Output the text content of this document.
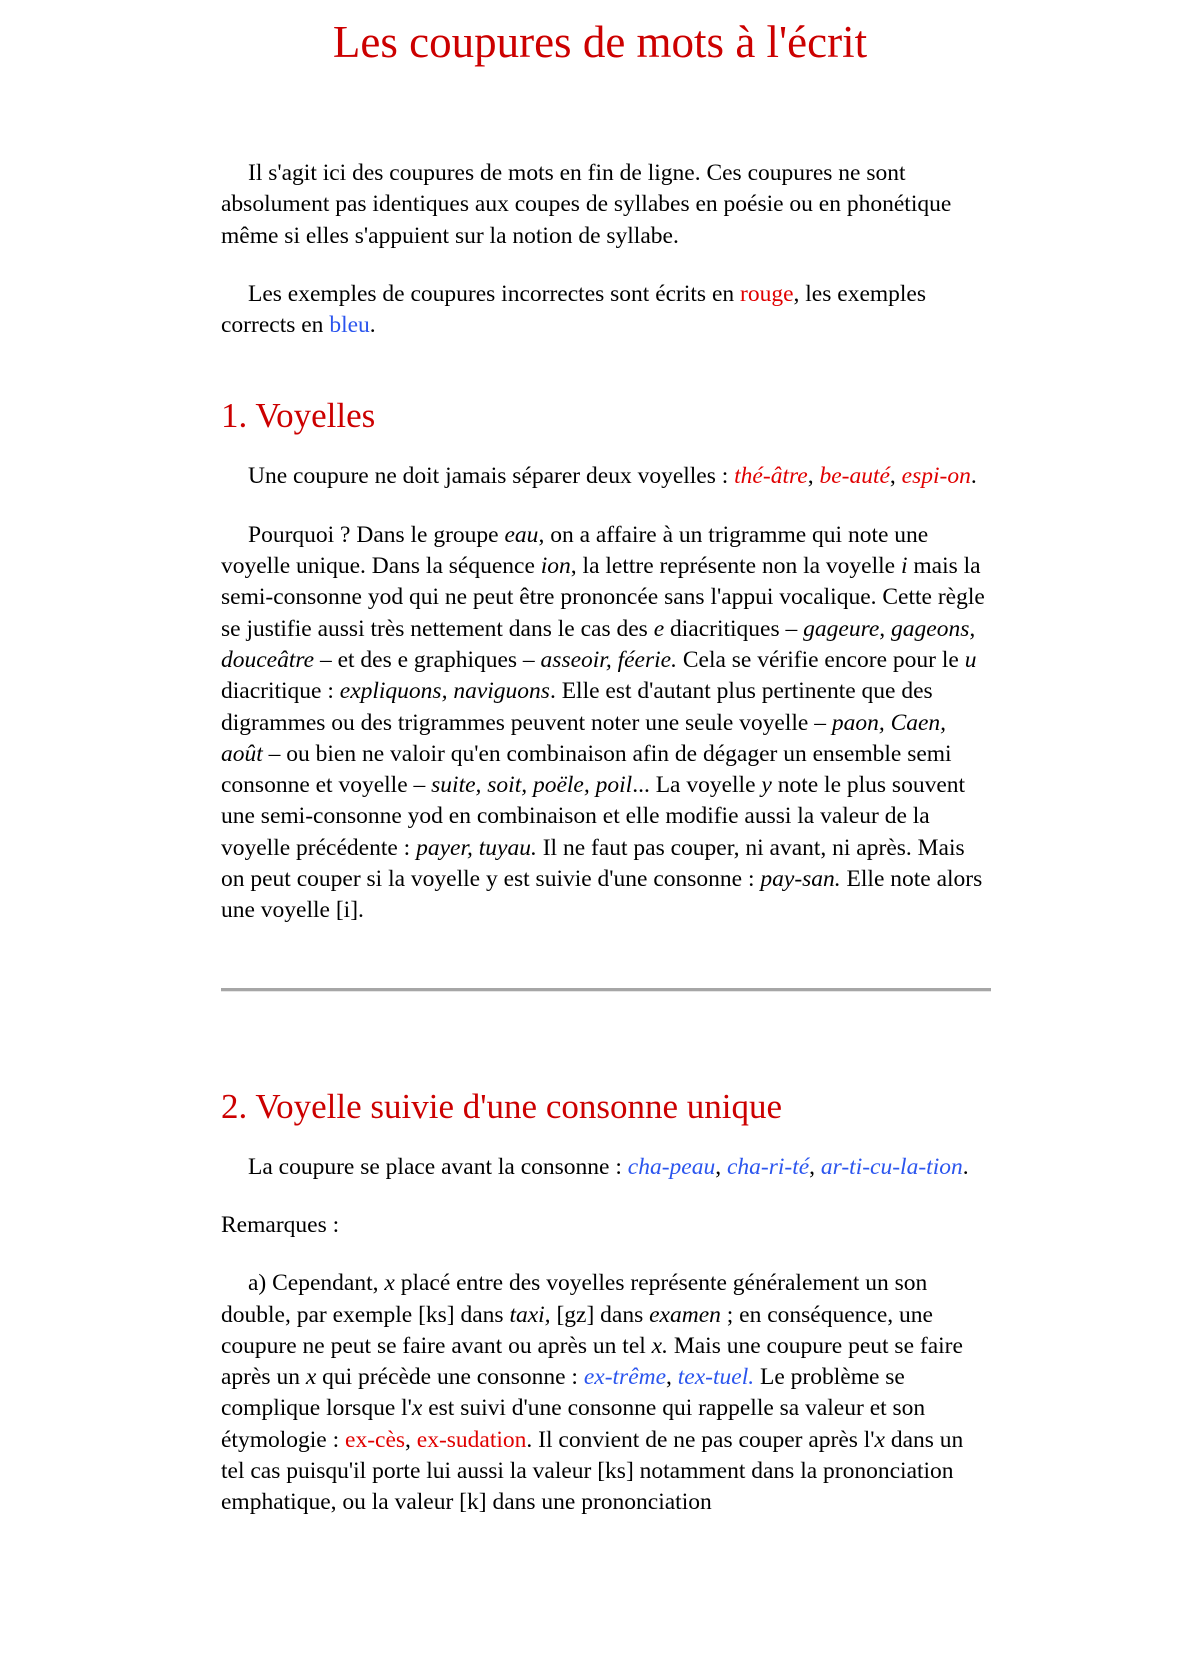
Les coupures de mots à l'écrit

Il s'agit ici des coupures de mots en fin de ligne. Ces coupures ne sont absolument pas identiques aux coupes de syllabes en poésie ou en phonétique même si elles s'appuient sur la notion de syllabe.

Les exemples de coupures incorrectes sont écrits en rouge, les exemples corrects en bleu.

1. Voyelles

Une coupure ne doit jamais séparer deux voyelles : thé-âtre, be-auté, espi-on.

Pourquoi ? Dans le groupe eau, on a affaire à un trigramme qui note une voyelle unique. Dans la séquence ion, la lettre représente non la voyelle i mais la semi-consonne yod qui ne peut être prononcée sans l'appui vocalique. Cette règle se justifie aussi très nettement dans le cas des e diacritiques – gageure, gageons, douceâtre – et des e graphiques – asseoir, féerie. Cela se vérifie encore pour le u diacritique : expliquons, naviguons. Elle est d'autant plus pertinente que des digrammes ou des trigrammes peuvent noter une seule voyelle – paon, Caen, août – ou bien ne valoir qu'en combinaison afin de dégager un ensemble semi consonne et voyelle – suite, soit, poële, poil... La voyelle y note le plus souvent une semi-consonne yod en combinaison et elle modifie aussi la valeur de la voyelle précédente : payer, tuyau. Il ne faut pas couper, ni avant, ni après. Mais on peut couper si la voyelle y est suivie d'une consonne : pay-san. Elle note alors une voyelle [i].

2. Voyelle suivie d'une consonne unique

La coupure se place avant la consonne : cha-peau, cha-ri-té, ar-ti-cu-la-tion.

Remarques :

a) Cependant, x placé entre des voyelles représente généralement un son double, par exemple [ks] dans taxi, [gz] dans examen ; en conséquence, une coupure ne peut se faire avant ou après un tel x. Mais une coupure peut se faire après un x qui précède une consonne : ex-trême, tex-tuel. Le problème se complique lorsque l'x est suivi d'une consonne qui rappelle sa valeur et son étymologie : ex-cès, ex-sudation. Il convient de ne pas couper après l'x dans un tel cas puisqu'il porte lui aussi la valeur [ks] notamment dans la prononciation emphatique, ou la valeur [k] dans une prononciation
